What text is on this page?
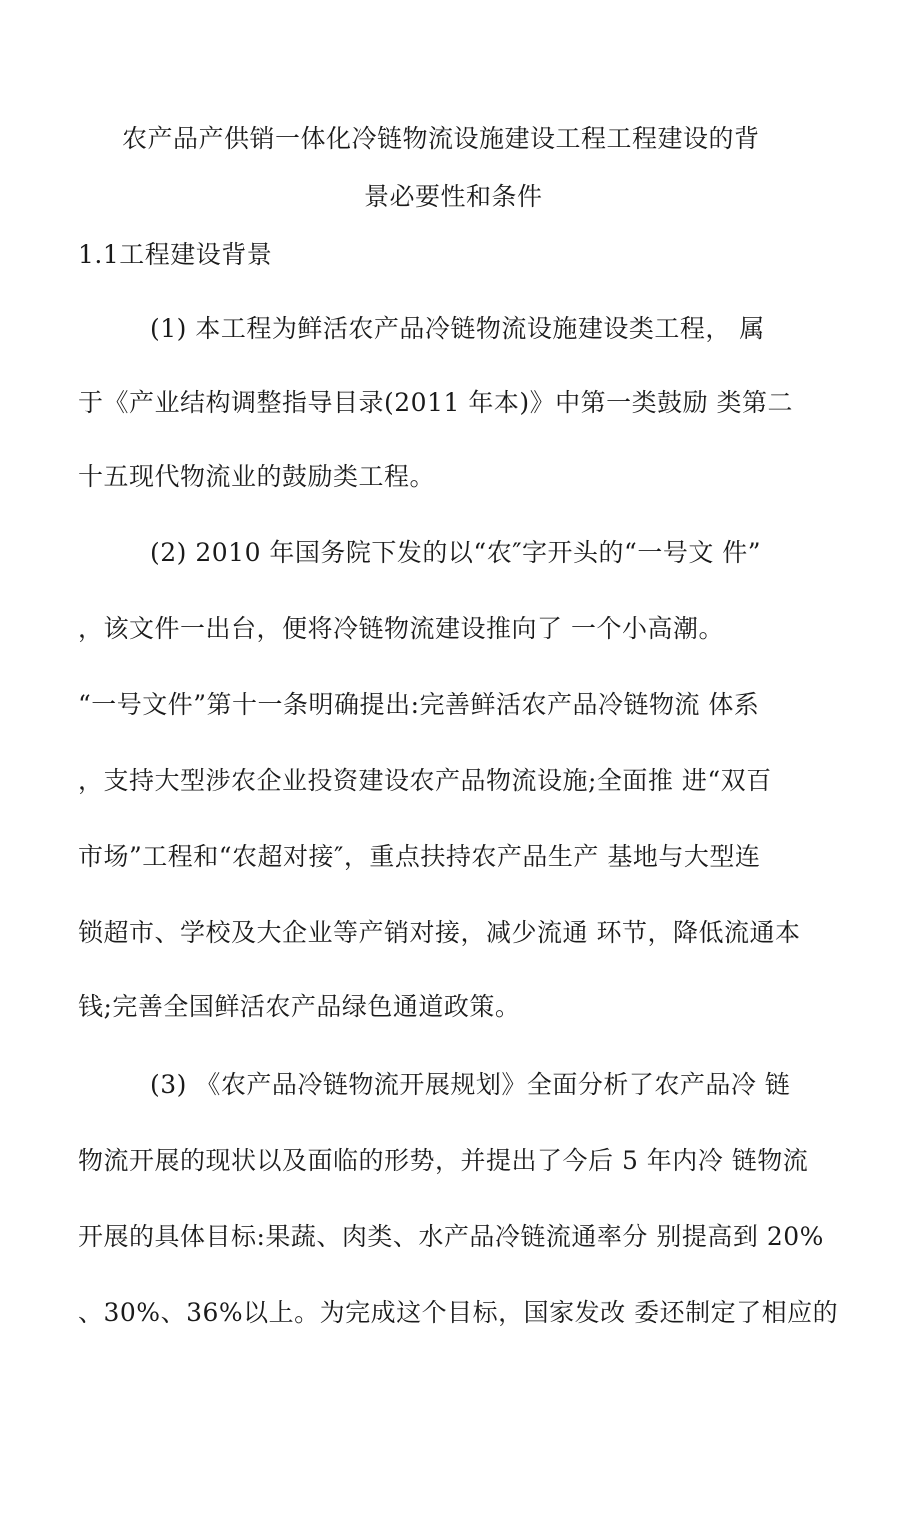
农产品产供销一体化冷链物流设施建设工程工程建设的背
景必要性和条件
1.1工程建设背景
(1) 本工程为鲜活农产品冷链物流设施建设类工程， 属
于《产业结构调整指导目录(2011 年本)》中第一类鼓励 类第二
十五现代物流业的鼓励类工程。
(2) 2010 年国务院下发的以“农″字开头的“一号文 件”
，该文件一出台，便将冷链物流建设推向了 一个小高潮。
“一号文件”第十一条明确提出:完善鲜活农产品冷链物流 体系
，支持大型涉农企业投资建设农产品物流设施;全面推 进“双百
市场”工程和“农超对接″，重点扶持农产品生产 基地与大型连
锁超市、学校及大企业等产销对接，减少流通 环节，降低流通本
钱;完善全国鲜活农产品绿色通道政策。
(3) 《农产品冷链物流开展规划》全面分析了农产品冷 链
物流开展的现状以及面临的形势，并提出了今后 5 年内冷 链物流
开展的具体目标:果蔬、肉类、水产品冷链流通率分 别提高到 20%
、30%、36%以上。为完成这个目标，国家发改 委还制定了相应的
